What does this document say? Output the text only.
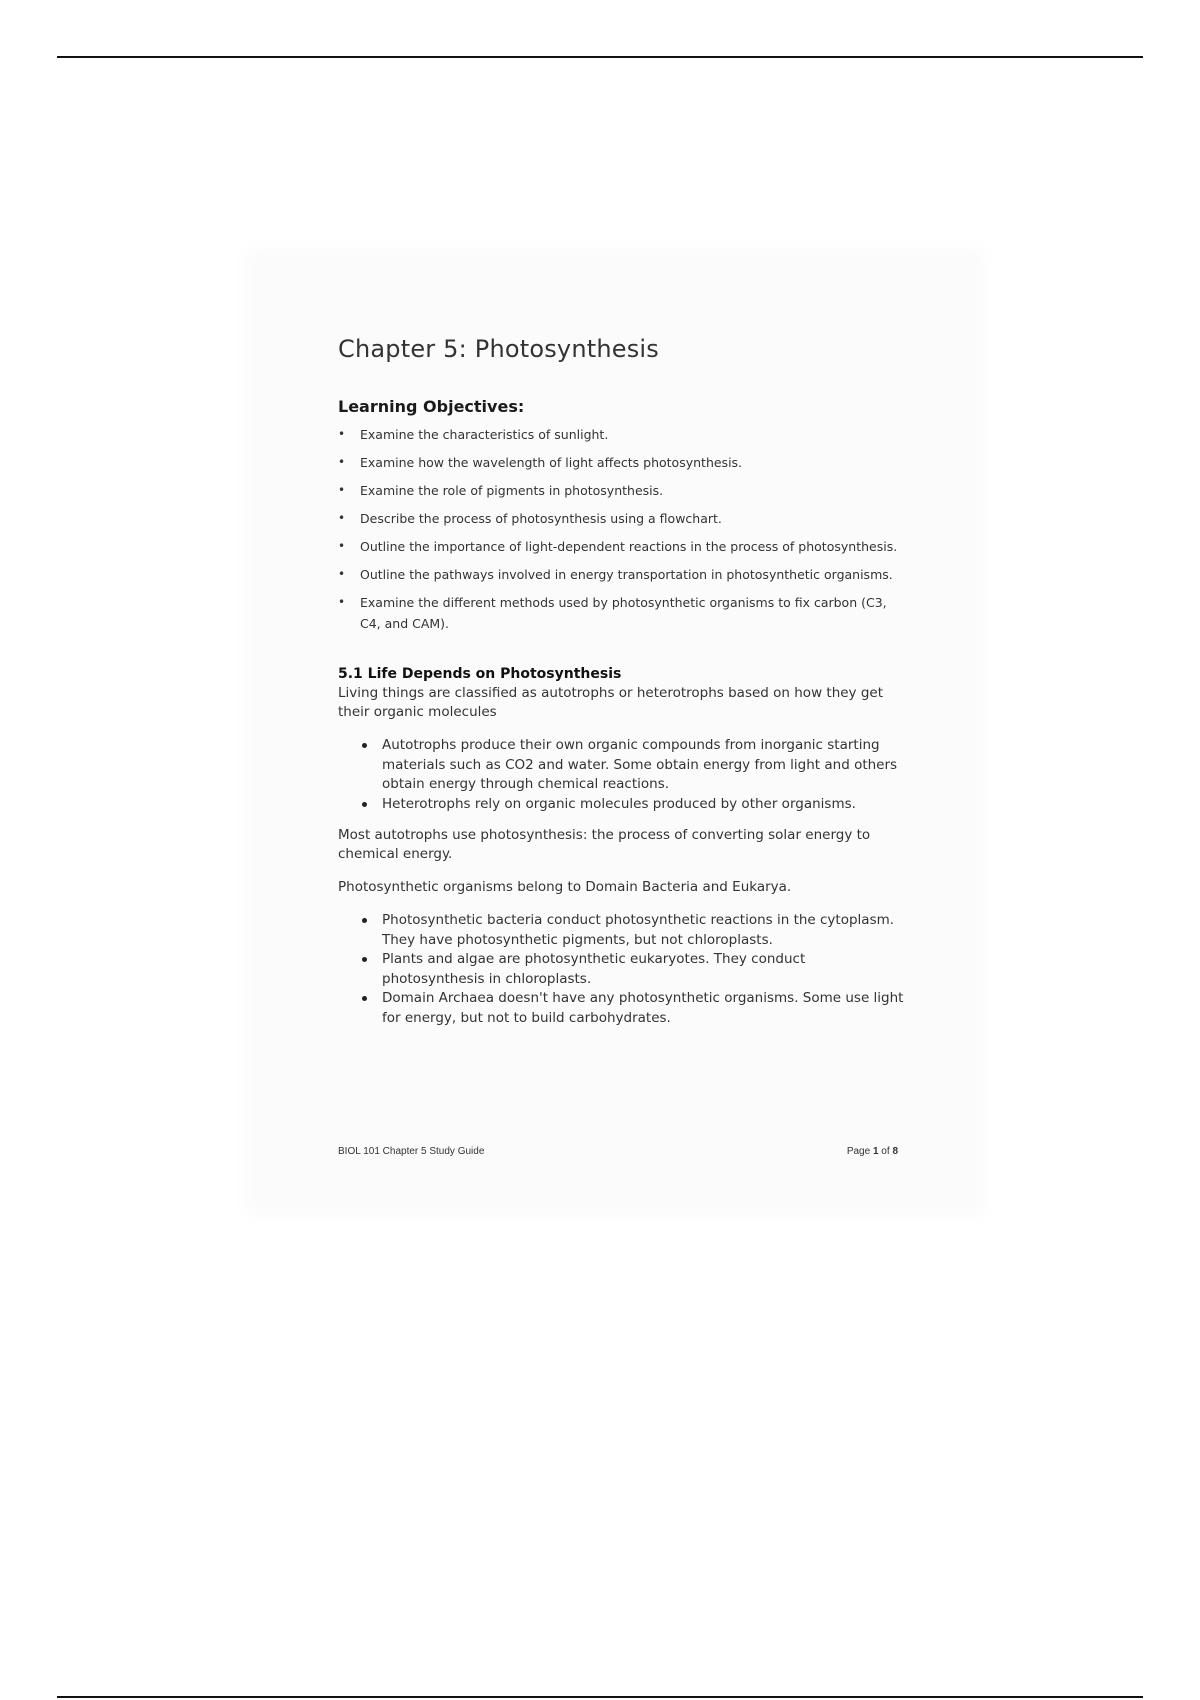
Chapter 5: Photosynthesis
Learning Objectives:
• Examine the characteristics of sunlight.
• Examine how the wavelength of light affects photosynthesis.
• Examine the role of pigments in photosynthesis.
• Describe the process of photosynthesis using a flowchart.
• Outline the importance of light-dependent reactions in the process of photosynthesis.
• Outline the pathways involved in energy transportation in photosynthetic organisms.
• Examine the different methods used by photosynthetic organisms to fix carbon (C3, C4, and CAM).
5.1 Life Depends on Photosynthesis

Living things are classified as autotrophs or heterotrophs based on how they get their organic molecules

Autotrophs produce their own organic compounds from inorganic starting materials such as CO2 and water. Some obtain energy from light and others obtain energy through chemical reactions.
Heterotrophs rely on organic molecules produced by other organisms.

Most autotrophs use photosynthesis: the process of converting solar energy to chemical energy.

Photosynthetic organisms belong to Domain Bacteria and Eukarya.

Photosynthetic bacteria conduct photosynthetic reactions in the cytoplasm. They have photosynthetic pigments, but not chloroplasts.
Plants and algae are photosynthetic eukaryotes. They conduct photosynthesis in chloroplasts.
Domain Archaea doesn't have any photosynthetic organisms. Some use light for energy, but not to build carbohydrates.
BIOL 101 Chapter 5 Study Guide	Page 1 of 8
